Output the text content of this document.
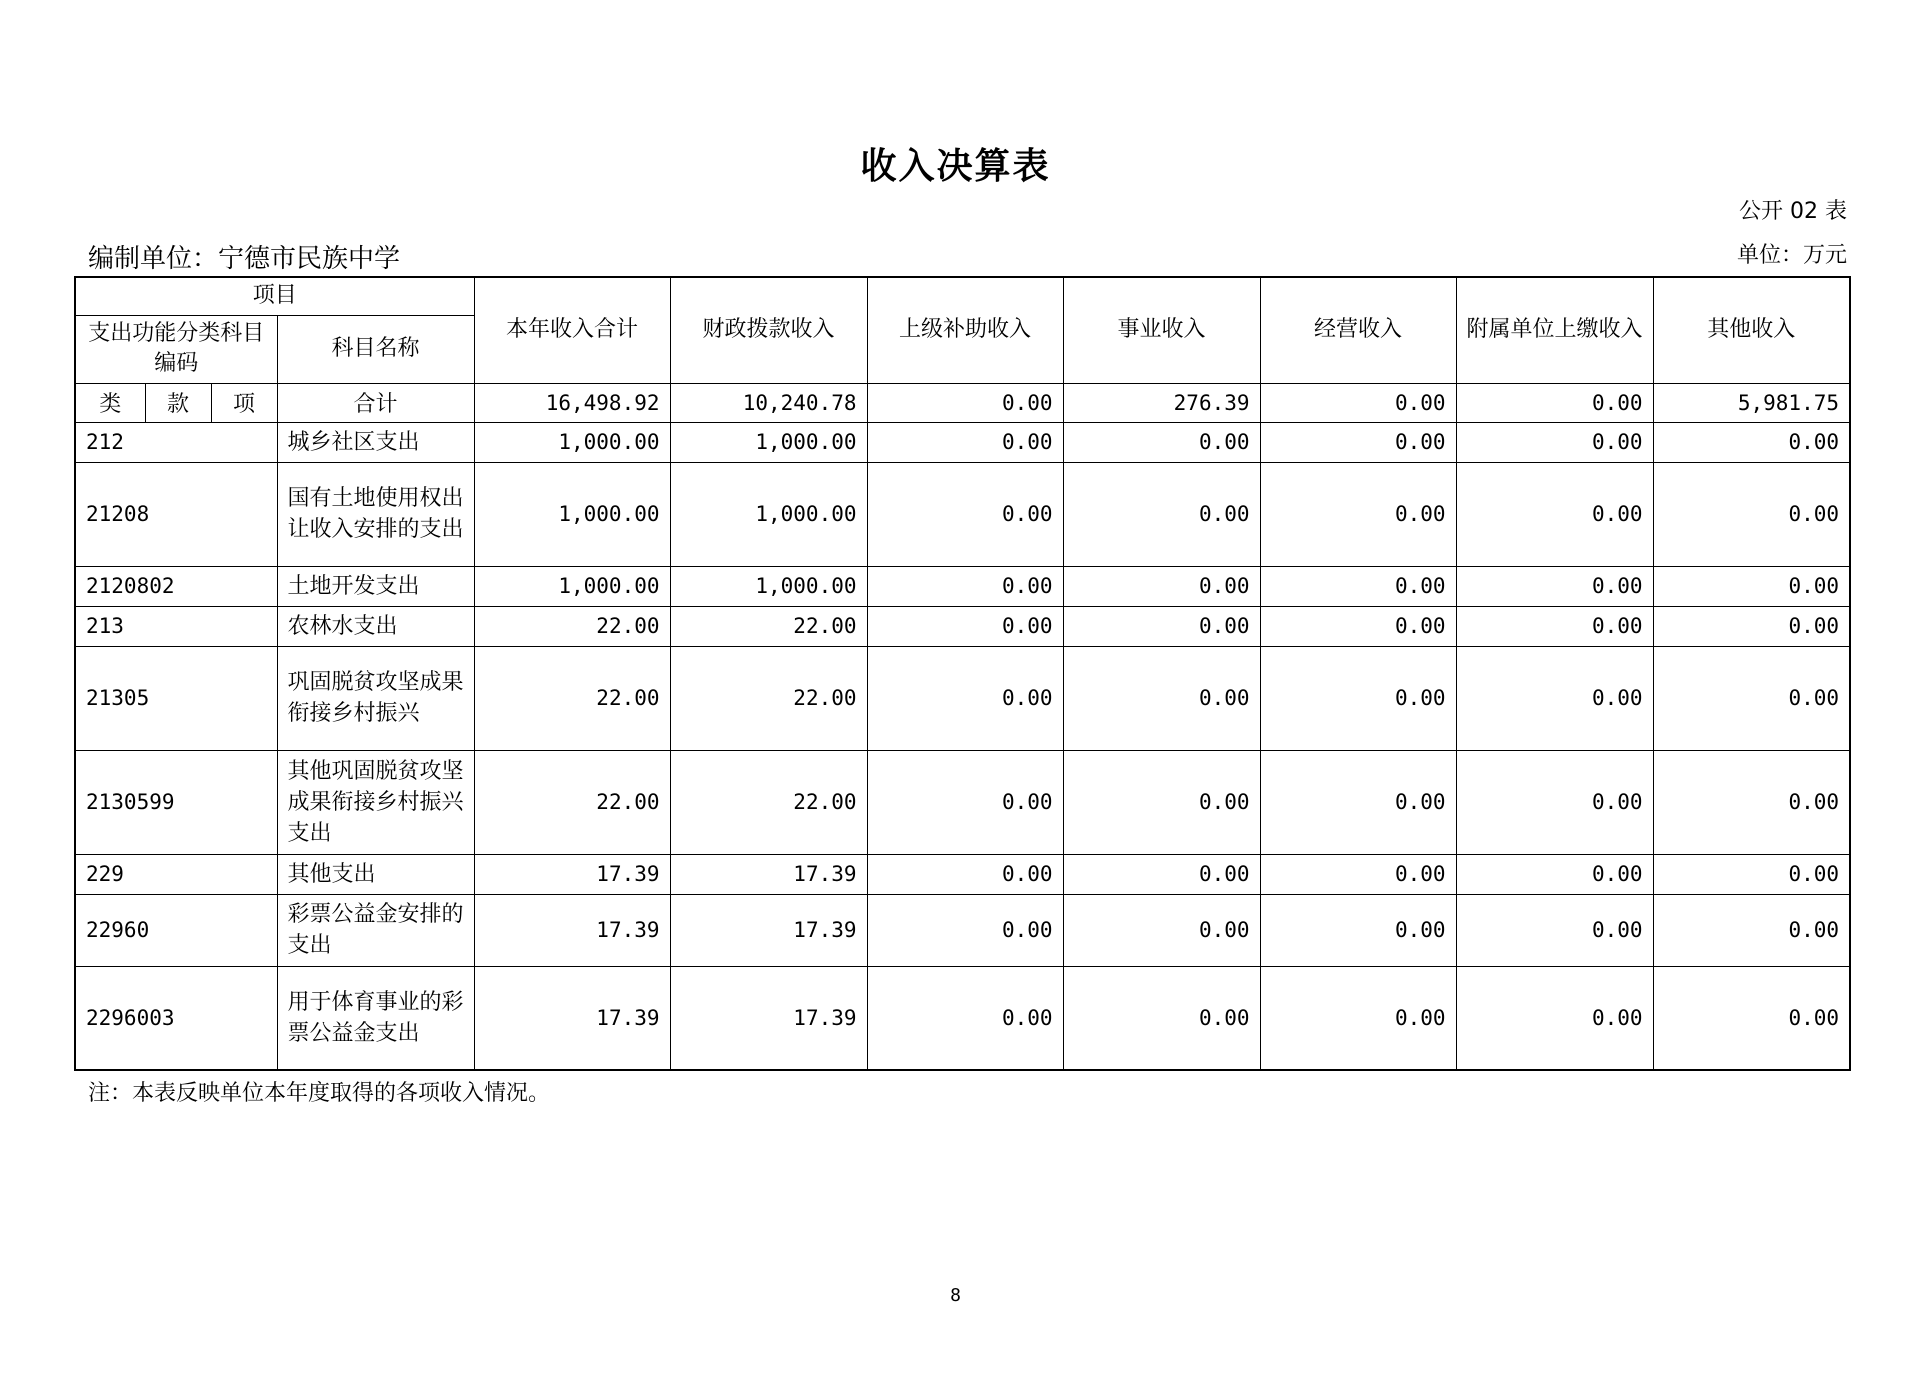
收入决算表
公开 02 表
编制单位：宁德市民族中学	单位：万元
项目				本年收入合计	财政拨款收入	上级补助收入	事业收入	经营收入	附属单位上缴收入	其他收入
支出功能分类科目编码			科目名称							
类	款	项	合计	16,498.92	10,240.78	0.00	276.39	0.00	0.00	5,981.75
212			城乡社区支出	1,000.00	1,000.00	0.00	0.00	0.00	0.00	0.00
21208			国有土地使用权出让收入安排的支出	1,000.00	1,000.00	0.00	0.00	0.00	0.00	0.00
2120802			土地开发支出	1,000.00	1,000.00	0.00	0.00	0.00	0.00	0.00
213			农林水支出	22.00	22.00	0.00	0.00	0.00	0.00	0.00
21305			巩固脱贫攻坚成果衔接乡村振兴	22.00	22.00	0.00	0.00	0.00	0.00	0.00
2130599			其他巩固脱贫攻坚成果衔接乡村振兴支出	22.00	22.00	0.00	0.00	0.00	0.00	0.00
229			其他支出	17.39	17.39	0.00	0.00	0.00	0.00	0.00
22960			彩票公益金安排的支出	17.39	17.39	0.00	0.00	0.00	0.00	0.00
2296003			用于体育事业的彩票公益金支出	17.39	17.39	0.00	0.00	0.00	0.00	0.00
注：本表反映单位本年度取得的各项收入情况。
8
